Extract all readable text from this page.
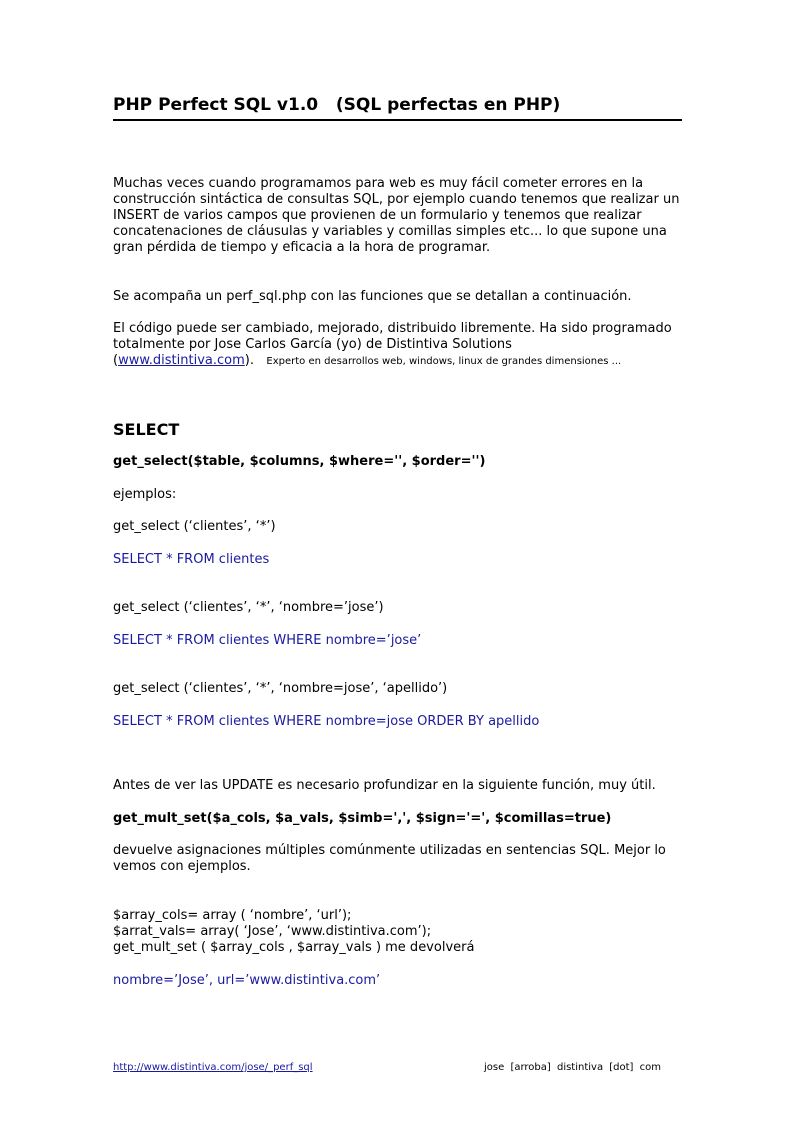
PHP Perfect SQL v1.0   (SQL perfectas en PHP)
Muchas veces cuando programamos para web es muy fácil cometer errores en la construcción sintáctica de consultas SQL, por ejemplo cuando tenemos que realizar un INSERT de varios campos que provienen de un formulario y tenemos que realizar concatenaciones de cláusulas y variables y comillas simples etc... lo que supone una gran pérdida de tiempo y eficacia a la hora de programar.
Se acompaña un perf_sql.php con las funciones que se detallan a continuación.
El código puede ser cambiado, mejorado, distribuido libremente. Ha sido programado totalmente por Jose Carlos García (yo) de Distintiva Solutions
(www.distintiva.com). Experto en desarrollos web, windows, linux de grandes dimensiones ...
SELECT
get_select($table, $columns, $where='', $order='')
ejemplos:
get_select (‘clientes’, ‘*’)
SELECT * FROM clientes
get_select (‘clientes’, ‘*’, ‘nombre=’jose’)
SELECT * FROM clientes WHERE nombre=’jose’
get_select (‘clientes’, ‘*’, ‘nombre=jose’, ‘apellido’)
SELECT * FROM clientes WHERE nombre=jose ORDER BY apellido
Antes de ver las UPDATE es necesario profundizar en la siguiente función, muy útil.
get_mult_set($a_cols, $a_vals, $simb=',', $sign='=', $comillas=true)
devuelve asignaciones múltiples comúnmente utilizadas en sentencias SQL. Mejor lo vemos con ejemplos.
$array_cols= array ( ‘nombre’, ‘url’);
$arrat_vals= array( ‘Jose’, ‘www.distintiva.com’);
get_mult_set ( $array_cols , $array_vals ) me devolverá
nombre=’Jose’, url=’www.distintiva.com’
http://www.distintiva.com/jose/_perf_sql	jose [arroba] distintiva [dot] com
